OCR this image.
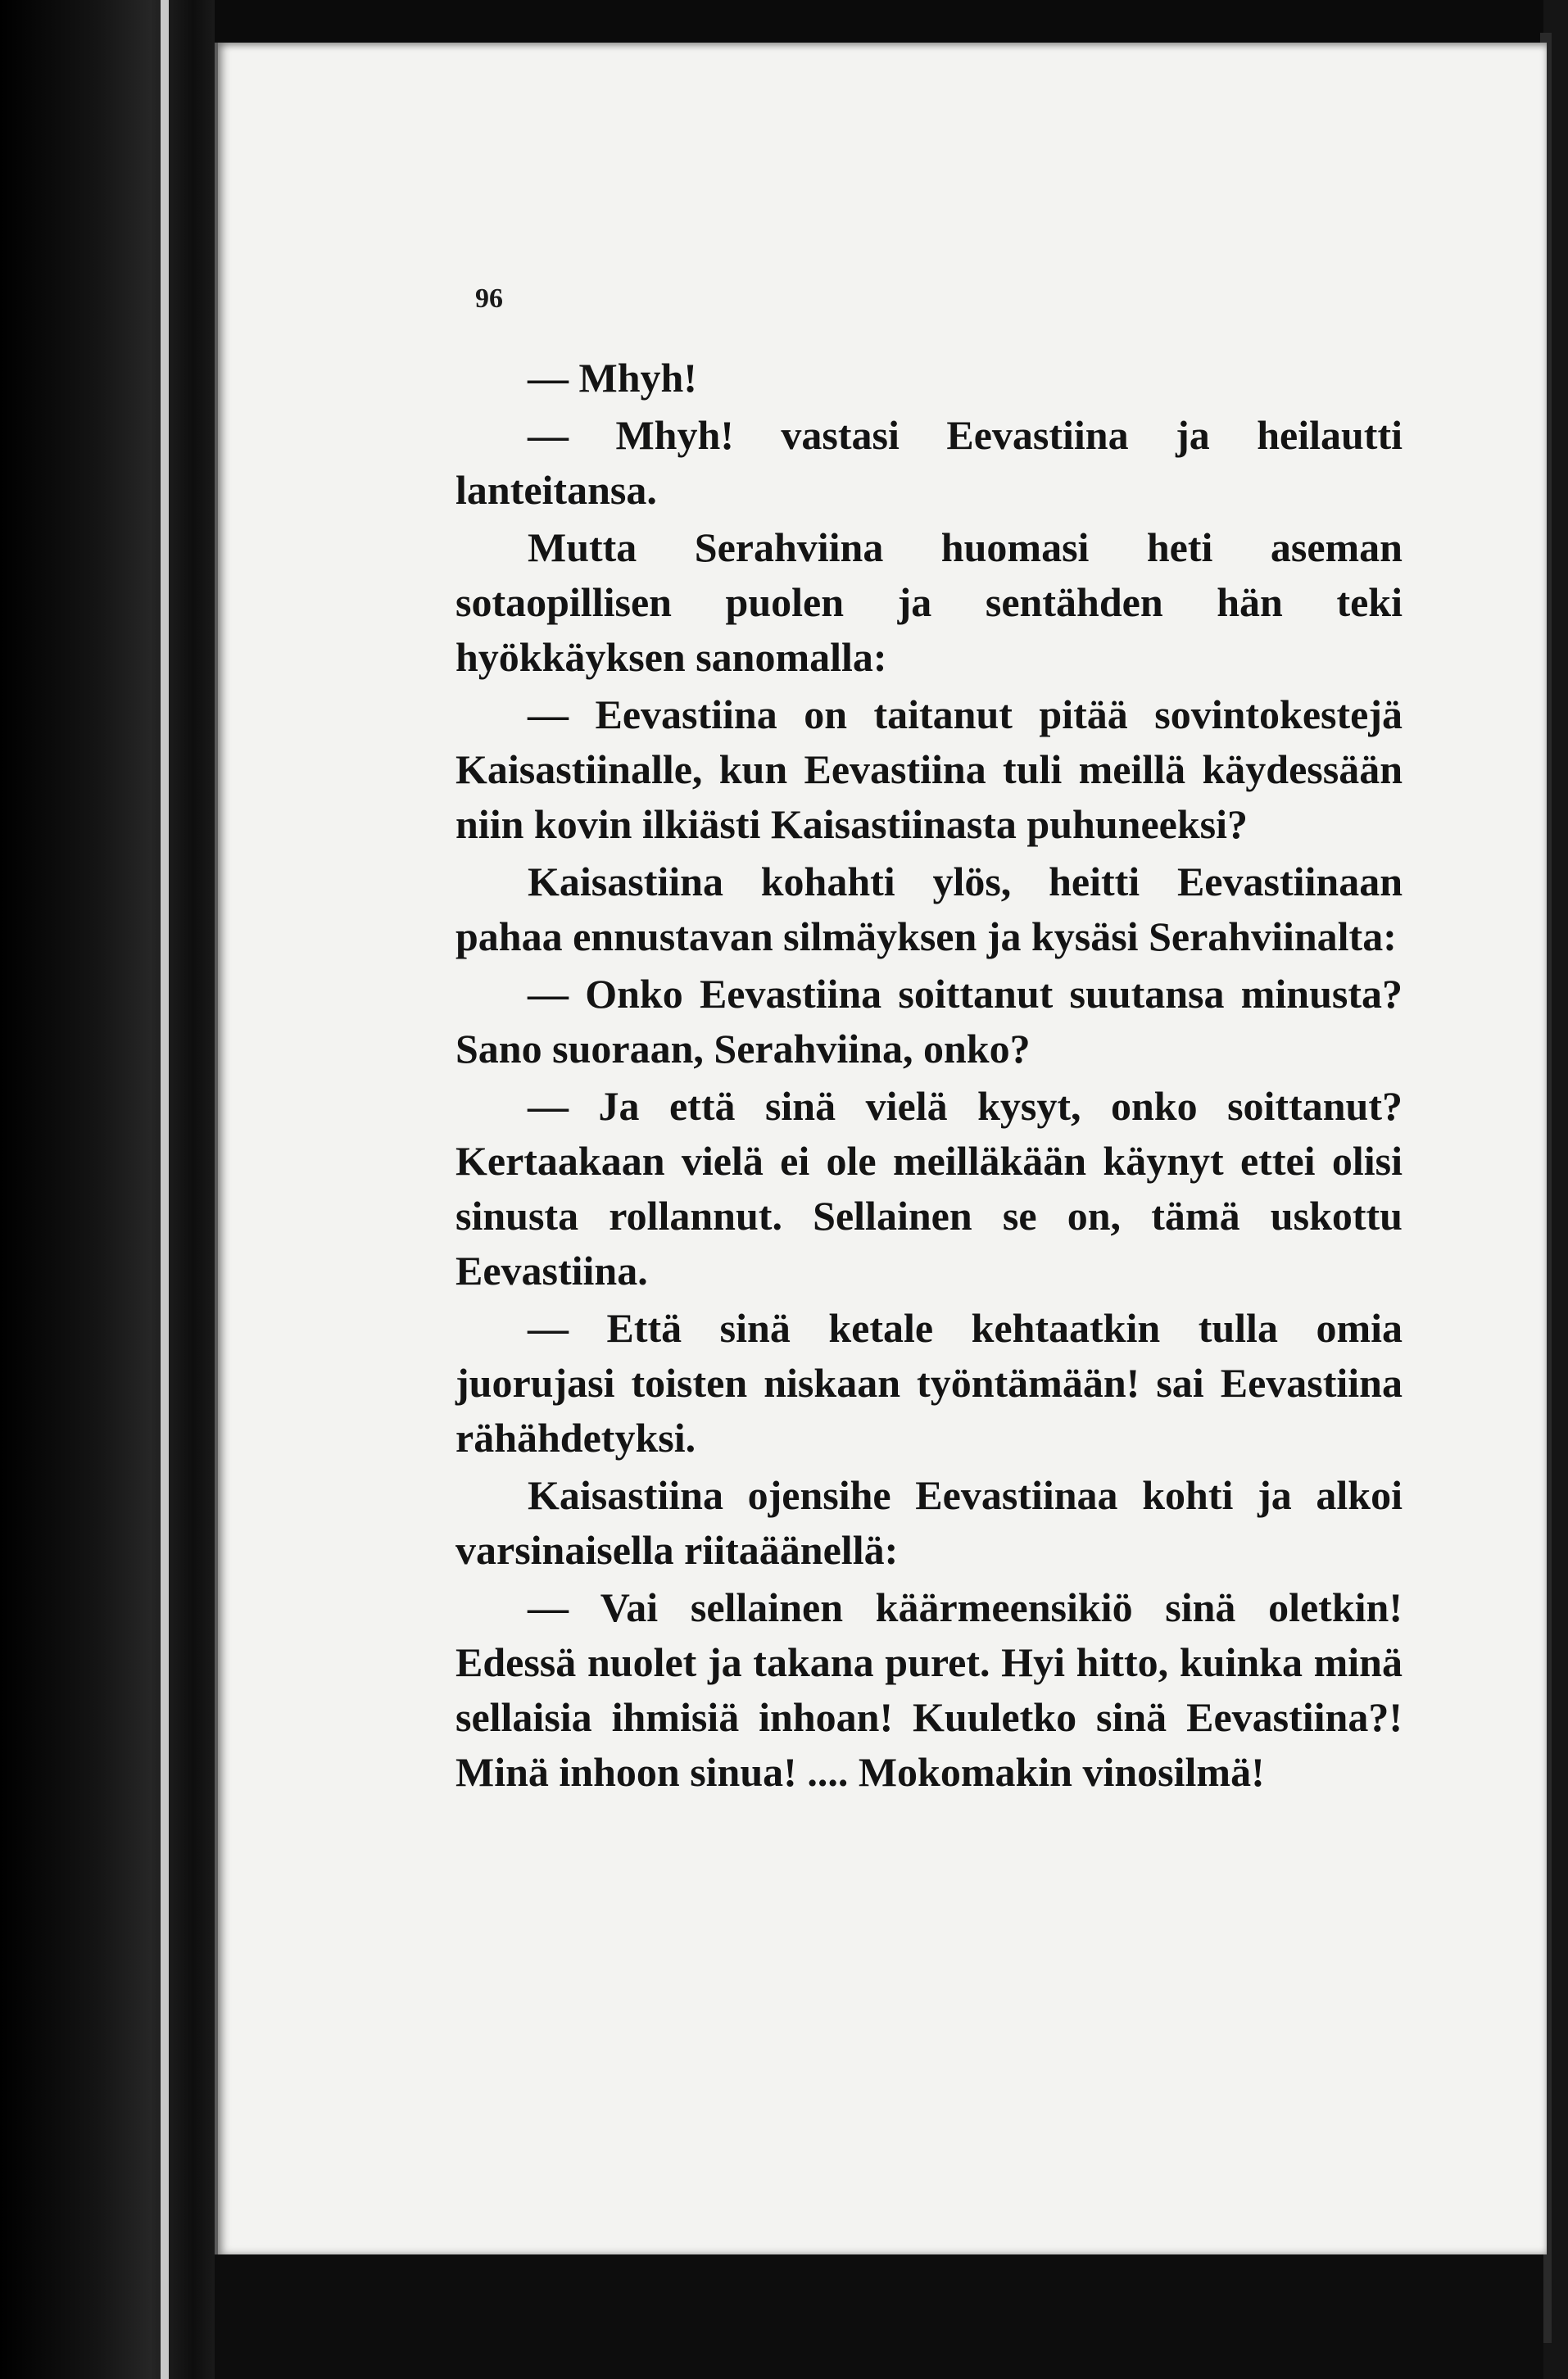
96

— Mhyh!

— Mhyh! vastasi Eevastiina ja heilautti lanteitansa.

Mutta Serahviina huomasi heti aseman sotaopillisen puolen ja sentähden hän teki hyökkäyksen sanomalla:

— Eevastiina on taitanut pitää sovintokestejä Kaisastiinalle, kun Eevastiina tuli meillä käydessään niin kovin ilkiästi Kaisastiinasta puhuneeksi?

Kaisastiina kohahti ylös, heitti Eevastiinaan pahaa ennustavan silmäyksen ja kysäsi Serahviinalta:

— Onko Eevastiina soittanut suutansa minusta? Sano suoraan, Serahviina, onko?

— Ja että sinä vielä kysyt, onko soittanut? Kertaakaan vielä ei ole meilläkään käynyt ettei olisi sinusta rollannut. Sellainen se on, tämä uskottu Eevastiina.

— Että sinä ketale kehtaatkin tulla omia juorujasi toisten niskaan työntämään! sai Eevastiina rähähdetyksi.

Kaisastiina ojensihe Eevastiinaa kohti ja alkoi varsinaisella riitaäänellä:

— Vai sellainen käärmeensikiö sinä oletkin! Edessä nuolet ja takana puret. Hyi hitto, kuinka minä sellaisia ihmisiä inhoan! Kuuletko sinä Eevastiina?! Minä inhoon sinua! .... Mokomakin vinosilmä!
